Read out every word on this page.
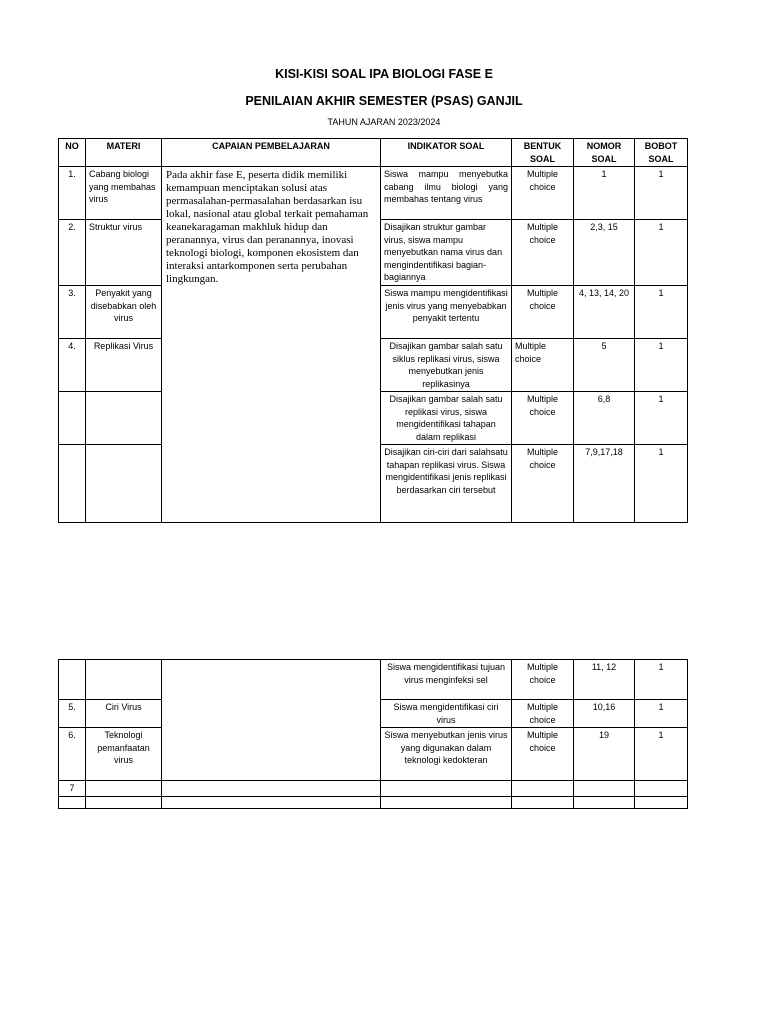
KISI-KISI SOAL IPA BIOLOGI FASE E
PENILAIAN AKHIR SEMESTER (PSAS) GANJIL
TAHUN AJARAN 2023/2024
NO	MATERI	CAPAIAN PEMBELAJARAN	INDIKATOR SOAL	BENTUK SOAL	NOMOR SOAL	BOBOT SOAL
1.	Cabang biologi yang membahas virus	Pada akhir fase E, peserta didik memiliki kemampuan menciptakan solusi atas permasalahan-permasalahan berdasarkan isu lokal, nasional atau global terkait pemahaman keanekaragaman makhluk hidup dan peranannya, virus dan peranannya, inovasi teknologi biologi, komponen ekosistem dan interaksi antarkomponen serta perubahan lingkungan.	Siswa mampu menyebutka cabang ilmu biologi yang membahas tentang virus	Multiple choice	1	1
2.	Struktur virus		Disajikan struktur gambar virus, siswa mampu menyebutkan nama virus dan mengindentifikasi bagian-bagiannya	Multiple choice	2,3, 15	1
3.	Penyakit yang disebabkan oleh virus		Siswa mampu mengidentifikasi jenis virus yang menyebabkan penyakit tertentu	Multiple choice	4, 13, 14, 20	1
4.	Replikasi Virus		Disajikan gambar salah satu siklus replikasi virus, siswa menyebutkan jenis replikasinya	Multiple choice	5	1
			Disajikan gambar salah satu replikasi virus, siswa mengidentifikasi tahapan dalam replikasi	Multiple choice	6,8	1
			Disajikan ciri-ciri dari salahsatu tahapan replikasi virus. Siswa mengidentifikasi jenis replikasi berdasarkan ciri tersebut	Multiple choice	7,9,17,18	1
			Siswa mengidentifikasi tujuan virus menginfeksi sel	Multiple choice	11, 12	1
5.	Ciri Virus		Siswa mengidentifikasi ciri virus	Multiple choice	10,16	1
6.	Teknologi pemanfaatan virus		Siswa menyebutkan jenis virus yang digunakan dalam teknologi kedokteran	Multiple choice	19	1
7						
